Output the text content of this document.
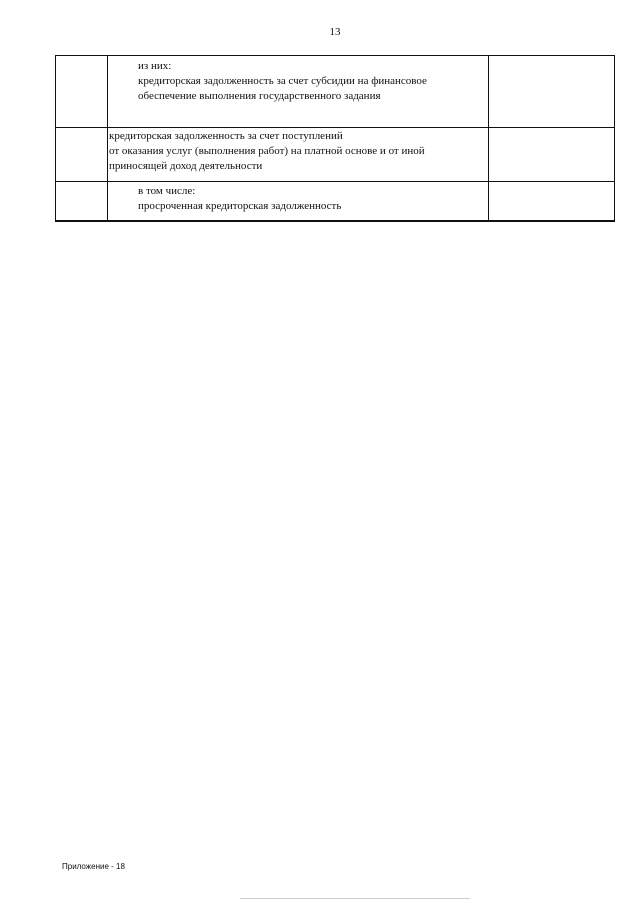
13
из них:
кредиторская задолженность за счет субсидии на финансовое
обеспечение выполнения государственного задания
кредиторская задолженность за счет поступлений
от оказания услуг (выполнения работ) на платной основе и от иной
приносящей доход деятельности
в том числе:
просроченная кредиторская задолженность
Приложение - 18
